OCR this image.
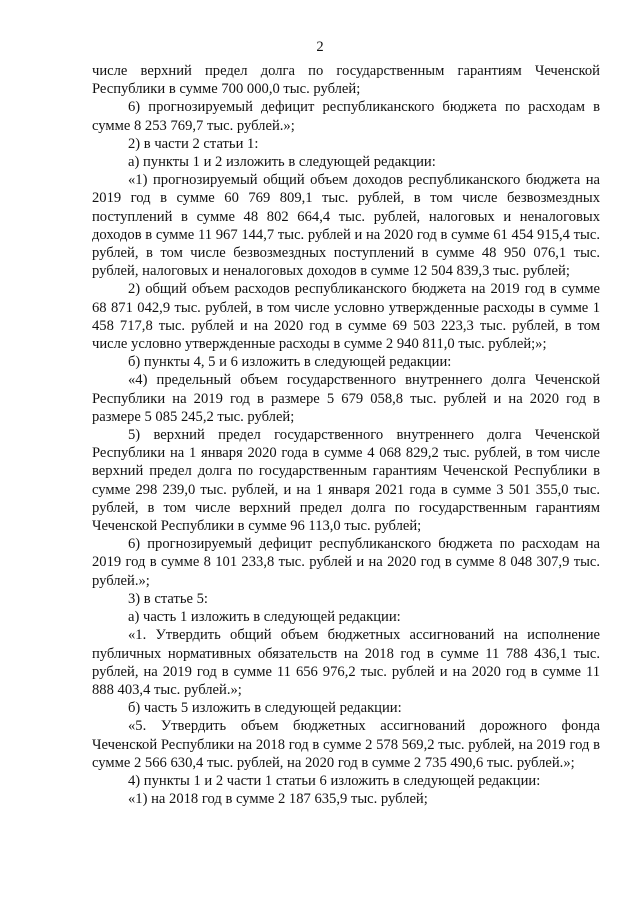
2

числе верхний предел долга по государственным гарантиям Чеченской Республики в сумме 700 000,0 тыс. рублей;

6) прогнозируемый дефицит республиканского бюджета по расходам в сумме 8 253 769,7 тыс. рублей.»;

2) в части 2 статьи 1:

а) пункты 1 и 2 изложить в следующей редакции:

«1) прогнозируемый общий объем доходов республиканского бюджета на 2019 год в сумме 60 769 809,1 тыс. рублей, в том числе безвозмездных поступлений в сумме 48 802 664,4 тыс. рублей, налоговых и неналоговых доходов в сумме 11 967 144,7 тыс. рублей и на 2020 год в сумме 61 454 915,4 тыс. рублей, в том числе безвозмездных поступлений в сумме 48 950 076,1 тыс. рублей, налоговых и неналоговых доходов в сумме 12 504 839,3 тыс. рублей;

2) общий объем расходов республиканского бюджета на 2019 год в сумме 68 871 042,9 тыс. рублей, в том числе условно утвержденные расходы в сумме 1 458 717,8 тыс. рублей и на 2020 год в сумме 69 503 223,3 тыс. рублей, в том числе условно утвержденные расходы в сумме 2 940 811,0 тыс. рублей;»;

б) пункты 4, 5 и 6 изложить в следующей редакции:

«4) предельный объем государственного внутреннего долга Чеченской Республики на 2019 год в размере 5 679 058,8 тыс. рублей и на 2020 год в размере 5 085 245,2 тыс. рублей;

5) верхний предел государственного внутреннего долга Чеченской Республики на 1 января 2020 года в сумме 4 068 829,2 тыс. рублей, в том числе верхний предел долга по государственным гарантиям Чеченской Республики в сумме 298 239,0 тыс. рублей, и на 1 января 2021 года в сумме 3 501 355,0 тыс. рублей, в том числе верхний предел долга по государственным гарантиям Чеченской Республики в сумме 96 113,0 тыс. рублей;

6) прогнозируемый дефицит республиканского бюджета по расходам на 2019 год в сумме 8 101 233,8 тыс. рублей и на 2020 год в сумме 8 048 307,9 тыс. рублей.»;

3) в статье 5:

а) часть 1 изложить в следующей редакции:

«1. Утвердить общий объем бюджетных ассигнований на исполнение публичных нормативных обязательств на 2018 год в сумме 11 788 436,1 тыс. рублей, на 2019 год в сумме 11 656 976,2 тыс. рублей и на 2020 год в сумме 11 888 403,4 тыс. рублей.»;

б) часть 5 изложить в следующей редакции:

«5. Утвердить объем бюджетных ассигнований дорожного фонда Чеченской Республики на 2018 год в сумме 2 578 569,2 тыс. рублей, на 2019 год в сумме 2 566 630,4 тыс. рублей, на 2020 год в сумме 2 735 490,6 тыс. рублей.»;

4) пункты 1 и 2 части 1 статьи 6 изложить в следующей редакции:

«1) на 2018 год в сумме 2 187 635,9 тыс. рублей;
